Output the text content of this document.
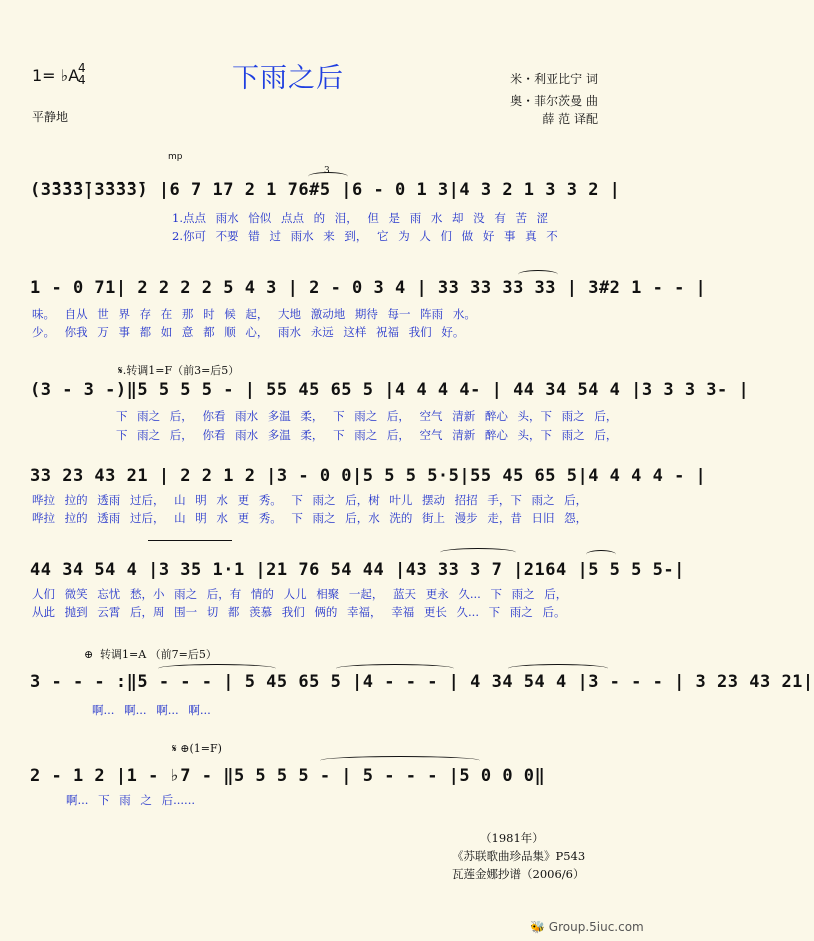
1= ♭A
4
4	下雨之后
平静地
米・利亚比宁 词
奥・菲尔茨曼 曲
薛 范 译配
mp
3
(3̄3̄3̄3̄|3̄3̄3̄3̄) |6 7 17 2 1 76#5 |6 - 0 1 3|4 3 2 1 3 3 2 |
1.点点 雨水 恰似 点点 的 泪， 但 是 雨 水 却 没 有 苦 涩
2.你可 不要 错 过 雨水 来 到， 它 为 人 们 做 好 事 真 不
1 - 0 71| 2 2 2 2 5 4 3 | 2 - 0 3 4 | 33 33 33 33 | 3#2 1 - - |
味。 自从 世 界 存 在 那 时 候 起， 大地 激动地 期待 每一 阵雨 水。
少。 你我 万 事 都 如 意 都 顺 心， 雨水 永远 这样 祝福 我们 好。
𝄋.转调1=F（前3=后5）
(3 - 3 -)‖5 5 5 5 - | 55 45 65 5 |4 4 4 4- | 44 34 54 4 |3 3 3 3- |
下 雨之 后， 你看 雨水 多温 柔， 下 雨之 后， 空气 清新 醉心 头，下 雨之 后，
下 雨之 后， 你看 雨水 多温 柔， 下 雨之 后， 空气 清新 醉心 头，下 雨之 后，
33 23 43 21 | 2 2 1 2 |3 - 0 0|5 5 5 5·5|55 45 65 5|4 4 4 4 - |
哗拉 拉的 透雨 过后， 山 明 水 更 秀。 下 雨之 后，树 叶儿 摆动 招招 手，下 雨之 后，
哗拉 拉的 透雨 过后， 山 明 水 更 秀。 下 雨之 后，水 洗的 街上 漫步 走，昔 日旧 怨，
44 34 54 4 |3 35 1·1 |21 76 54 44 |43 33 3 7 |2164 |5 5 5 5-|
人们 微笑 忘忧 愁，小 雨之 后，有 情的 人儿 相聚 一起， 蓝天 更永 久... 下 雨之 后，
从此 抛到 云霄 后，周 围一 切 都 羡慕 我们 俩的 幸福， 幸福 更长 久... 下 雨之 后。
⊕ 转调1=A （前7=后5）
3 - - - :‖5 - - - | 5 45 65 5 |4 - - - | 4 34 54 4 |3 - - - | 3 23 43 21|
啊... 啊... 啊... 啊...
𝄋 ⊕(1=F)
2 - 1 2 |1 - ♭7 - ‖5 5 5 5 - | 5 - - - |5 0 0 0‖
啊... 下 雨 之 后......
（1981年）
《苏联歌曲珍品集》P543
瓦莲金娜抄谱（2006/6）
🐝 Group.5iuc.com
